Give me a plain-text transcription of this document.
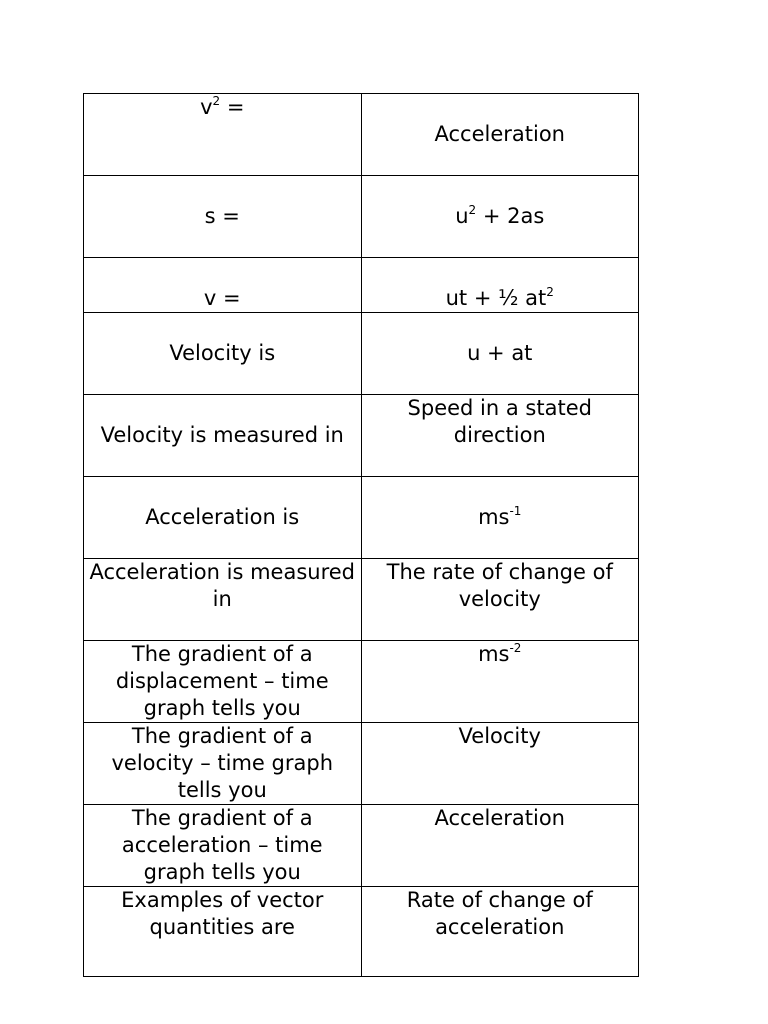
$v^2$ =	Acceleration
s =	$u^2 + 2as$
v =	ut + ½ $at^2$
Velocity is	u + at
Velocity is measured in	Speed in a stated direction
Acceleration is	$ms^{-1}$
Acceleration is measured in	The rate of change of velocity
The gradient of a displacement – time graph tells you	$ms^{-2}$
The gradient of a velocity – time graph tells you	Velocity
The gradient of a acceleration – time graph tells you	Acceleration
Examples of vector quantities are	Rate of change of acceleration
